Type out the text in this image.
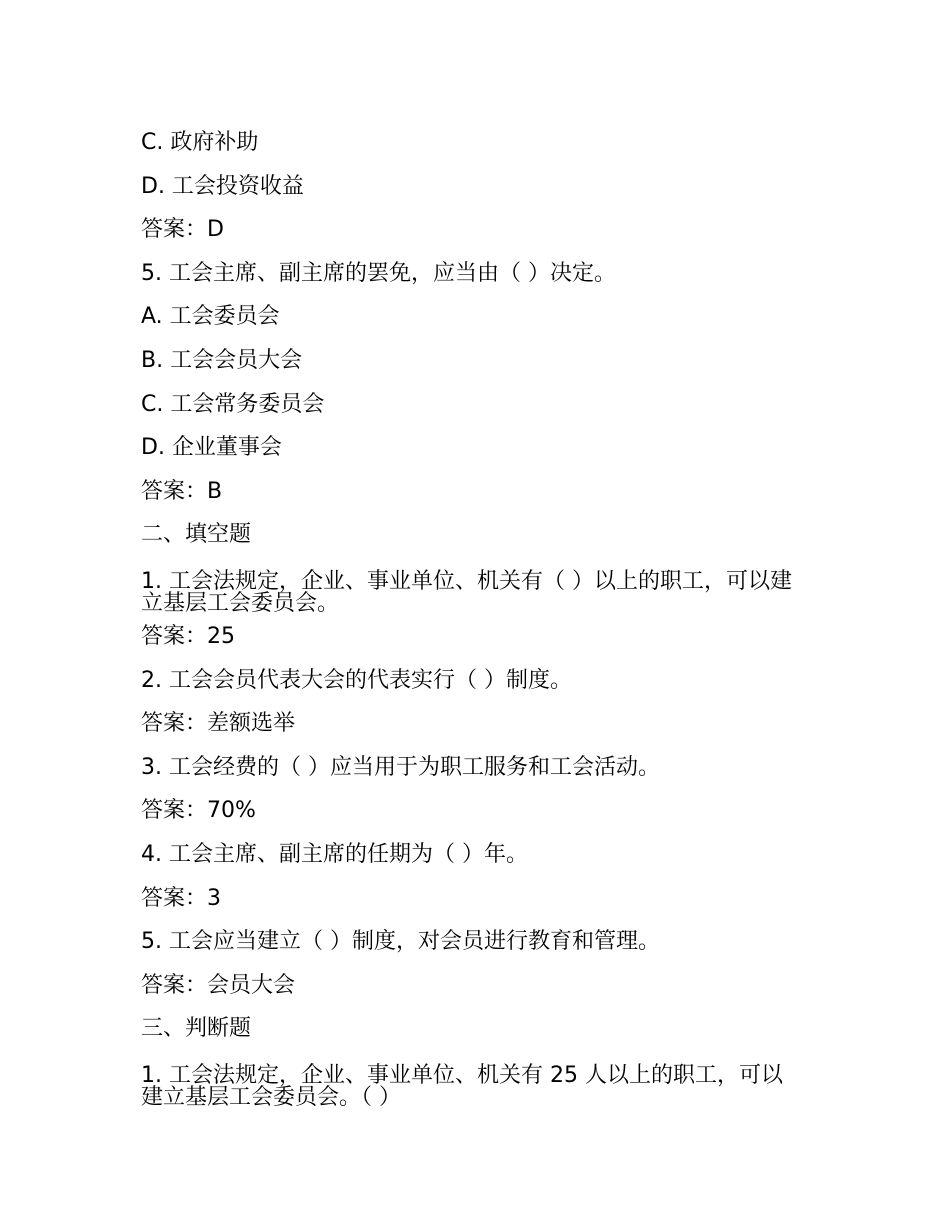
C. 政府补助
D. 工会投资收益
答案：D
5. 工会主席、副主席的罢免，应当由（ ）决定。
A. 工会委员会
B. 工会会员大会
C. 工会常务委员会
D. 企业董事会
答案：B
二、填空题
1. 工会法规定，企业、事业单位、机关有（ ）以上的职工，可以建立基层工会委员会。
答案：25
2. 工会会员代表大会的代表实行（ ）制度。
答案：差额选举
3. 工会经费的（ ）应当用于为职工服务和工会活动。
答案：70%
4. 工会主席、副主席的任期为（ ）年。
答案：3
5. 工会应当建立（ ）制度，对会员进行教育和管理。
答案：会员大会
三、判断题
1. 工会法规定，企业、事业单位、机关有 25 人以上的职工，可以建立基层工会委员会。（ ）
